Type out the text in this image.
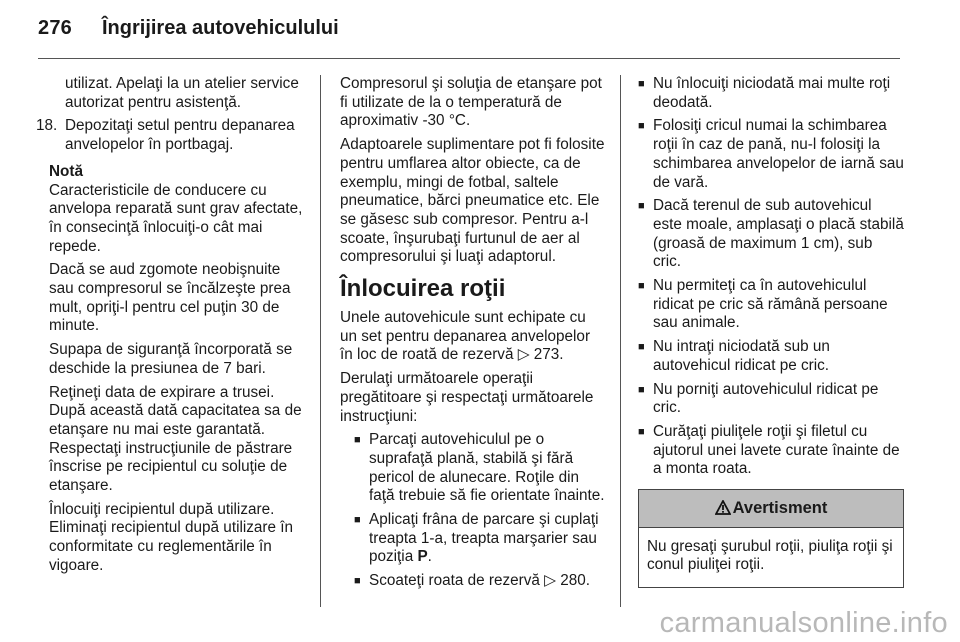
276 Îngrijirea autovehiculului

utilizat. Apelaţi la un atelier service autorizat pentru asistenţă.

18. Depozitaţi setul pentru depanarea anvelopelor în portbagaj.

Notă

Caracteristicile de conducere cu anvelopa reparată sunt grav afectate, în consecinţă înlocuiţi-o cât mai repede.

Dacă se aud zgomote neobişnuite sau compresorul se încălzeşte prea mult, opriţi-l pentru cel puţin 30 de minute.

Supapa de siguranţă încorporată se deschide la presiunea de 7 bari.

Reţineţi data de expirare a trusei. După această dată capacitatea sa de etanşare nu mai este garantată. Respectaţi instrucţiunile de păstrare înscrise pe recipientul cu soluţie de etanşare.

Înlocuiţi recipientul după utilizare. Eliminaţi recipientul după utilizare în conformitate cu reglementările în vigoare.

Compresorul şi soluţia de etanşare pot fi utilizate de la o temperatură de aproximativ -30 °C.

Adaptoarele suplimentare pot fi folosite pentru umflarea altor obiecte, ca de exemplu, mingi de fotbal, saltele pneumatice, bărci pneumatice etc. Ele se găsesc sub compresor. Pentru a-l scoate, înşurubaţi furtunul de aer al compresorului şi luaţi adaptorul.

Înlocuirea roţii

Unele autovehicule sunt echipate cu un set pentru depanarea anvelopelor în loc de roată de rezervă ▷ 273.

Derulaţi următoarele operaţii pregătitoare şi respectaţi următoarele instrucţiuni:

■ Parcaţi autovehiculul pe o suprafaţă plană, stabilă şi fără pericol de alunecare. Roţile din faţă trebuie să fie orientate înainte.
■ Aplicaţi frâna de parcare şi cuplaţi treapta 1-a, treapta marşarier sau poziţia P.
■ Scoateţi roata de rezervă ▷ 280.
■ Nu înlocuiţi niciodată mai multe roţi deodată.
■ Folosiţi cricul numai la schimbarea roţii în caz de pană, nu-l folosiţi la schimbarea anvelopelor de iarnă sau de vară.
■ Dacă terenul de sub autovehicul este moale, amplasaţi o placă stabilă (groasă de maximum 1 cm), sub cric.
■ Nu permiteţi ca în autovehiculul ridicat pe cric să rămână persoane sau animale.
■ Nu intraţi niciodată sub un autovehicul ridicat pe cric.
■ Nu porniţi autovehiculul ridicat pe cric.
■ Curăţaţi piuliţele roţii şi filetul cu ajutorul unei lavete curate înainte de a monta roata.
Avertisment
Nu gresaţi şurubul roţii, piuliţa roţii şi conul piuliţei roţii.
carmanualsonline.info
